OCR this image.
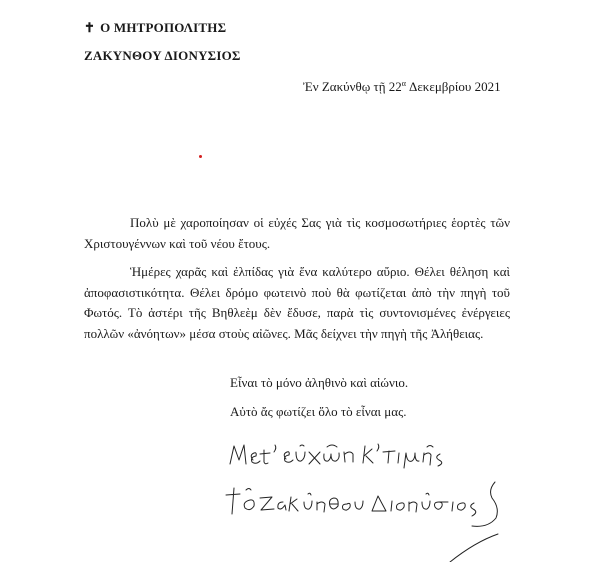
✝ Ο ΜΗΤΡΟΠΟΛΙΤΗΣ
ΖΑΚΥΝΘΟΥ ΔΙΟΝΥΣΙΟΣ
Ἐν Ζακύνθῳ τῇ $22^\alpha$ Δεκεμβρίου 2021
Πολὺ μὲ χαροποίησαν οἱ εὐχές Σας γιὰ τὶς κοσμοσωτήριες ἑορτὲς τῶν Χριστουγέννων καὶ τοῦ νέου ἔτους.
Ἡμέρες χαρᾶς καὶ ἐλπίδας γιὰ ἕνα καλύτερο αὔριο. Θέλει θέληση καὶ ἀποφασιστικότητα. Θέλει δρόμο φωτεινὸ ποὺ θὰ φωτίζεται ἀπὸ τὴν πηγὴ τοῦ Φωτός. Τὸ ἀστέρι τῆς Βηθλεὲμ δὲν ἔδυσε, παρὰ τὶς συντονισμένες ἐνέργειες πολλῶν «ἀνόητων» μέσα στοὺς αἰῶνες. Μᾶς δείχνει τὴν πηγὴ τῆς Ἀλήθειας.
Εἶναι τὸ μόνο ἀληθινὸ καὶ αἰώνιο.
Αὐτὸ ἄς φωτίζει ὅλο τὸ εἶναι μας.
